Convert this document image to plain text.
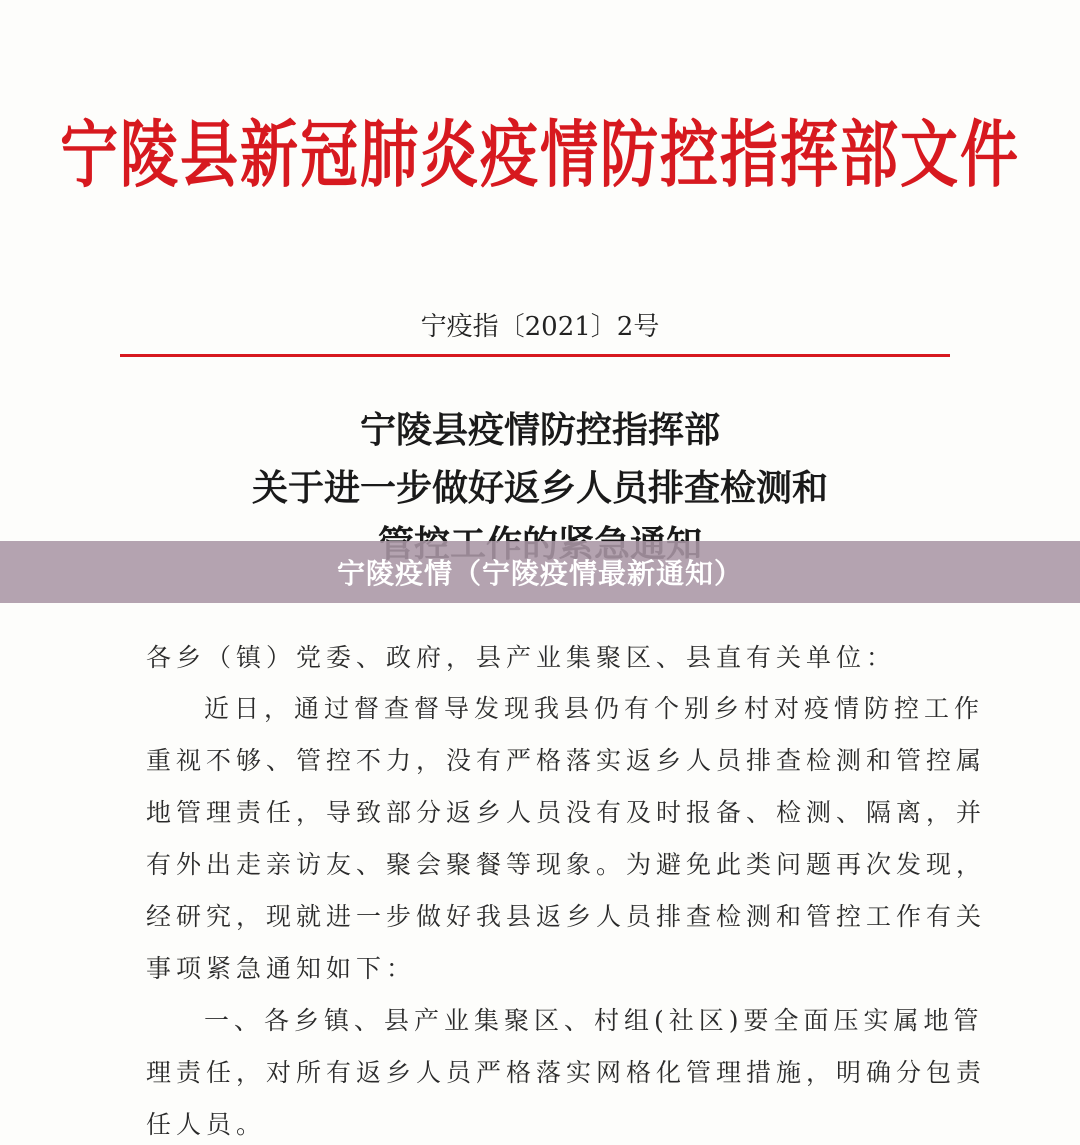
宁陵县新冠肺炎疫情防控指挥部文件
宁疫指〔2021〕2号
宁陵县疫情防控指挥部
关于进一步做好返乡人员排查检测和
宁陵疫情（宁陵疫情最新通知）
各乡（镇）党委、政府，县产业集聚区、县直有关单位：
近日，通过督查督导发现我县仍有个别乡村对疫情防控工作
重视不够、管控不力，没有严格落实返乡人员排查检测和管控属
地管理责任，导致部分返乡人员没有及时报备、检测、隔离，并
有外出走亲访友、聚会聚餐等现象。为避免此类问题再次发现，
经研究，现就进一步做好我县返乡人员排查检测和管控工作有关
事项紧急通知如下：
一、各乡镇、县产业集聚区、村组(社区)要全面压实属地管
理责任，对所有返乡人员严格落实网格化管理措施，明确分包责
任人员。
